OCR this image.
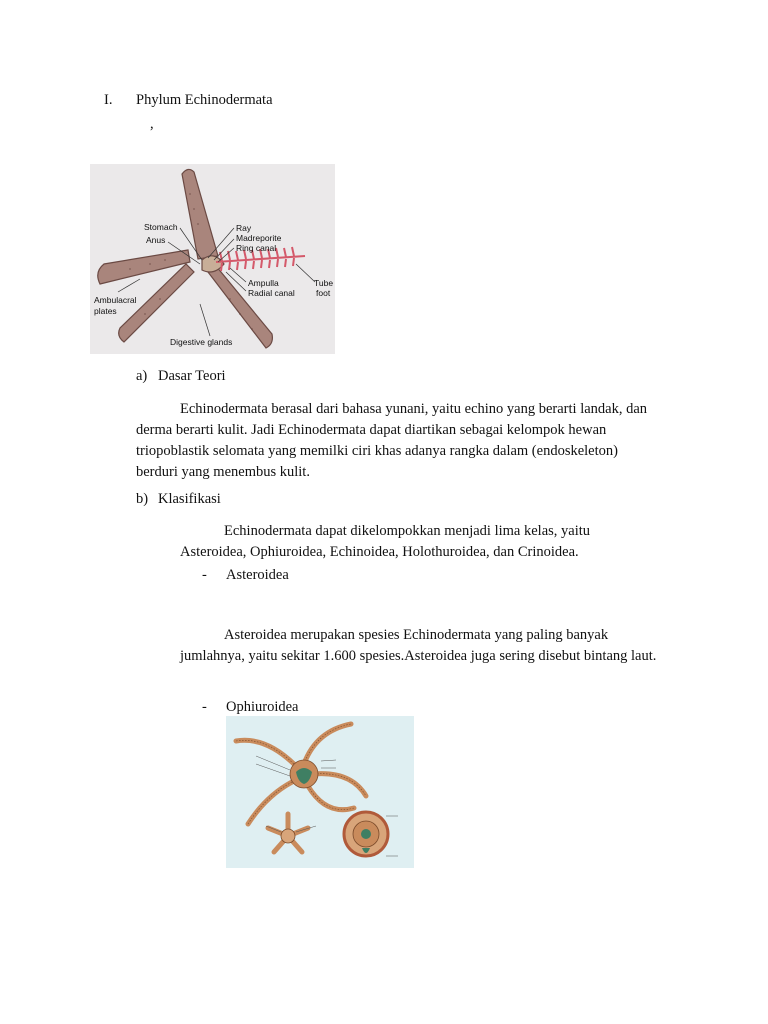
I. Phylum Echinodermata
,
Stomach
Anus
Ray
Madreporite
Ring canal
Ampulla
Radial canal
Tube
foot
Ambulacral
plates
Digestive glands
a) Dasar Teori
Echinodermata berasal dari bahasa yunani, yaitu echino yang berarti landak, dan
derma berarti kulit. Jadi Echinodermata dapat diartikan sebagai kelompok hewan
triopoblastik selomata yang memilki ciri khas adanya rangka dalam (endoskeleton)
berduri yang menembus kulit.
b) Klasifikasi
Echinodermata dapat dikelompokkan menjadi lima kelas, yaitu
Asteroidea, Ophiuroidea, Echinoidea, Holothuroidea, dan Crinoidea.
- Asteroidea
Asteroidea merupakan spesies Echinodermata yang paling banyak
jumlahnya, yaitu sekitar 1.600 spesies.Asteroidea juga sering disebut bintang laut.
- Ophiuroidea
